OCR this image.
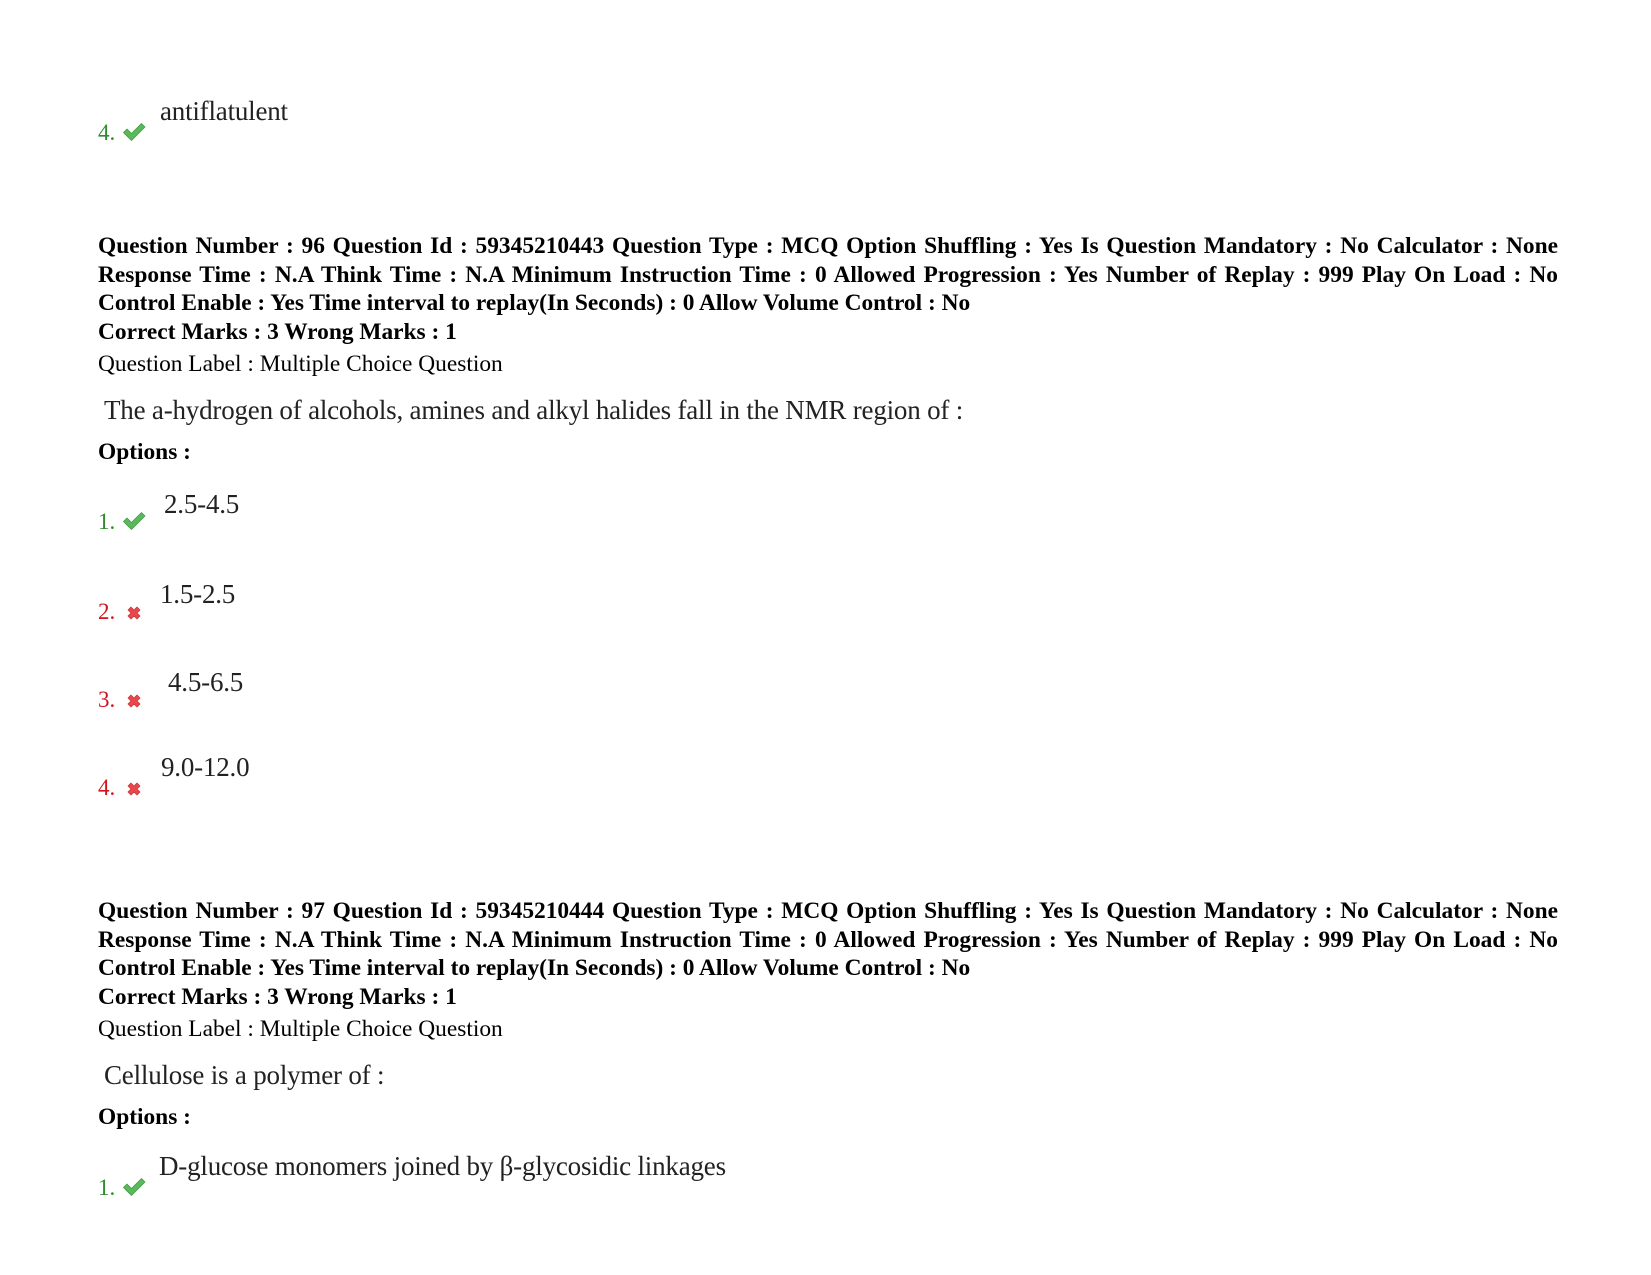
4.
antiflatulent
Question Number : 96 Question Id : 59345210443 Question Type : MCQ Option Shuffling : Yes Is Question Mandatory : No Calculator : None Response Time : N.A Think Time : N.A Minimum Instruction Time : 0 Allowed Progression : Yes Number of Replay : 999 Play On Load : No Control Enable : Yes Time interval to replay(In Seconds) : 0 Allow Volume Control : No
Correct Marks : 3 Wrong Marks : 1
Question Label : Multiple Choice Question
The a-hydrogen of alcohols, amines and alkyl halides fall in the NMR region of :
Options :
1.
2.5-4.5
2.
1.5-2.5
3.
4.5-6.5
4.
9.0-12.0
Question Number : 97 Question Id : 59345210444 Question Type : MCQ Option Shuffling : Yes Is Question Mandatory : No Calculator : None Response Time : N.A Think Time : N.A Minimum Instruction Time : 0 Allowed Progression : Yes Number of Replay : 999 Play On Load : No Control Enable : Yes Time interval to replay(In Seconds) : 0 Allow Volume Control : No
Correct Marks : 3 Wrong Marks : 1
Question Label : Multiple Choice Question
Cellulose is a polymer of :
Options :
1.
D-glucose monomers joined by β-glycosidic linkages
